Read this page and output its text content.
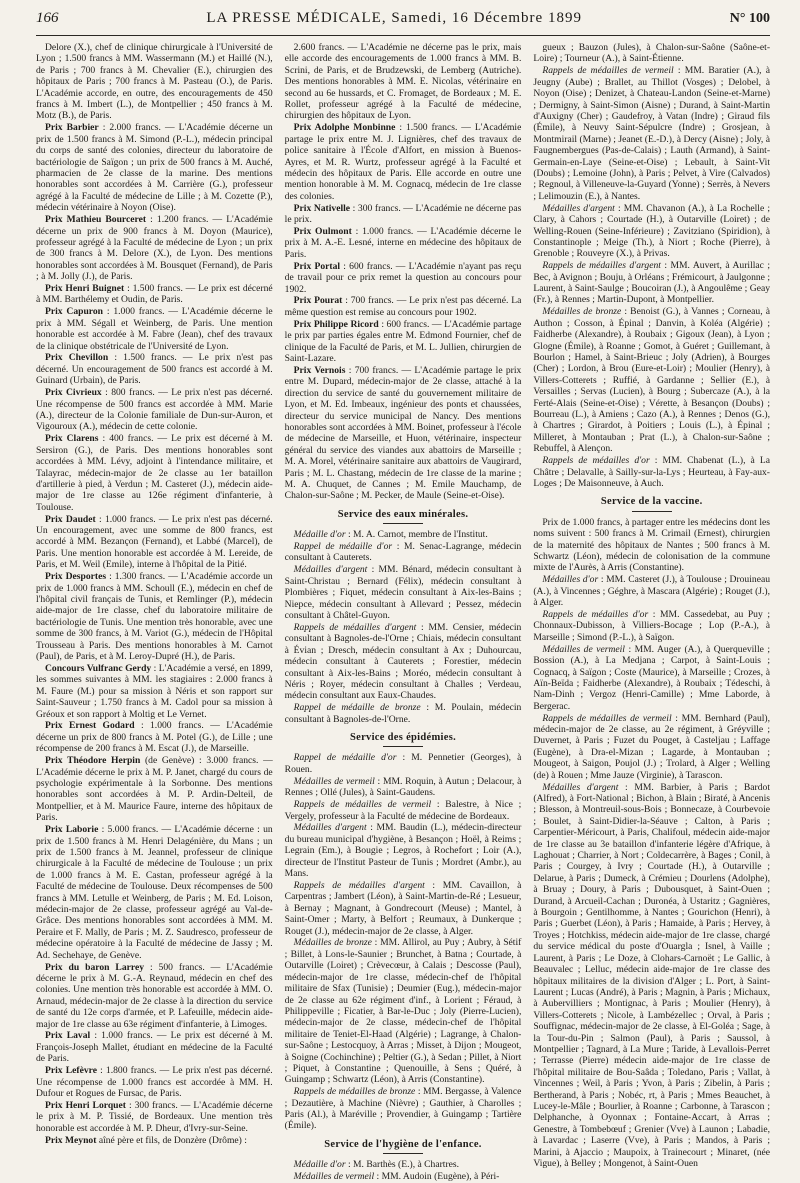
166	LA PRESSE MÉDICALE, Samedi, 16 Décembre 1899	N° 100

Delore (X.), chef de clinique chirurgicale à l'Université de Lyon ; 1.500 francs à MM. Wassermann (M.) et Haillé (N.), de Paris ; 700 francs à M. Chevalier (E.), chirurgien des hôpitaux de Paris ; 700 francs à M. Pasteau (O.), de Paris. L'Académie accorde, en outre, des encouragements de 450 francs à M. Imbert (L.), de Montpellier ; 450 francs à M. Motz (B.), de Paris.

Prix Barbier : 2.000 francs. — L'Académie décerne un prix de 1.500 francs à M. Simond (P.-L.), médecin principal du corps de santé des colonies, directeur du laboratoire de bactériologie de Saïgon ; un prix de 500 francs à M. Auché, pharmacien de 2e classe de la marine. Des mentions honorables sont accordées à M. Carrière (G.), professeur agrégé à la Faculté de médecine de Lille ; à M. Cozette (P.), médecin vétérinaire à Noyon (Oise).

Prix Mathieu Bourceret : 1.200 francs. — L'Académie décerne un prix de 900 francs à M. Doyon (Maurice), professeur agrégé à la Faculté de médecine de Lyon ; un prix de 300 francs à M. Delore (X.), de Lyon. Des mentions honorables sont accordées à M. Bousquet (Fernand), de Paris ; à M. Jolly (J.), de Paris.

Prix Henri Buignet : 1.500 francs. — Le prix est décerné à MM. Barthélemy et Oudin, de Paris.

Prix Capuron : 1.000 francs. — L'Académie décerne le prix à MM. Ségall et Weinberg, de Paris. Une mention honorable est accordée à M. Fabre (Jean), chef des travaux de la clinique obstétricale de l'Université de Lyon.

Prix Chevillon : 1.500 francs. — Le prix n'est pas décerné. Un encouragement de 500 francs est accordé à M. Guinard (Urbain), de Paris.

Prix Civrieux : 800 francs. — Le prix n'est pas décerné. Une récompense de 500 francs est accordée à MM. Marie (A.), directeur de la Colonie familiale de Dun-sur-Auron, et Vigouroux (A.), médecin de cette colonie.

Prix Clarens : 400 francs. — Le prix est décerné à M. Sersiron (G.), de Paris. Des mentions honorables sont accordées à MM. Lévy, adjoint à l'intendance militaire, et Talayrac, médecin-major de 2e classe au 1er bataillon d'artillerie à pied, à Verdun ; M. Casteret (J.), médecin aide-major de 1re classe au 126e régiment d'infanterie, à Toulouse.

Prix Daudet : 1.000 francs. — Le prix n'est pas décerné. Un encouragement, avec une somme de 800 francs, est accordé à MM. Bezançon (Fernand), et Labbé (Marcel), de Paris. Une mention honorable est accordée à M. Lereide, de Paris, et M. Weil (Emile), interne à l'hôpital de la Pitié.

Prix Desportes : 1.300 francs. — L'Académie accorde un prix de 1.000 francs à MM. Schoull (E.), médecin en chef de l'hôpital civil français de Tunis, et Remlinger (P.), médecin aide-major de 1re classe, chef du laboratoire militaire de bactériologie de Tunis. Une mention très honorable, avec une somme de 300 francs, à M. Variot (G.), médecin de l'Hôpital Trousseau à Paris. Des mentions honorables à M. Carnot (Paul), de Paris, et à M. Leroy-Dupré (H.), de Paris.

Concours Vulfranc Gerdy : L'Académie a versé, en 1899, les sommes suivantes à MM. les stagiaires : 2.000 francs à M. Faure (M.) pour sa mission à Néris et son rapport sur Saint-Sauveur ; 1.750 francs à M. Cadol pour sa mission à Gréoux et son rapport à Moltig et Le Vernet.

Prix Ernest Godard : 1.000 francs. — L'Académie décerne un prix de 800 francs à M. Potel (G.), de Lille ; une récompense de 200 francs à M. Escat (J.), de Marseille.

Prix Théodore Herpin (de Genève) : 3.000 francs. — L'Académie décerne le prix à M. P. Janet, chargé du cours de psychologie expérimentale à la Sorbonne. Des mentions honorables sont accordées à M. P. Ardin-Delteil, de Montpellier, et à M. Maurice Faure, interne des hôpitaux de Paris.

Prix Laborie : 5.000 francs. — L'Académie décerne : un prix de 1.500 francs à M. Henri Delagénière, du Mans ; un prix de 1.500 francs à M. Jeannel, professeur de clinique chirurgicale à la Faculté de médecine de Toulouse ; un prix de 1.000 francs à M. E. Castan, professeur agrégé à la Faculté de médecine de Toulouse. Deux récompenses de 500 francs à MM. Letulle et Weinberg, de Paris ; M. Ed. Loison, médecin-major de 2e classe, professeur agrégé au Val-de-Grâce. Des mentions honorables sont accordées à MM. M. Peraire et F. Mally, de Paris ; M. Z. Saudresco, professeur de médecine opératoire à la Faculté de médecine de Jassy ; M. Ad. Sechehaye, de Genève.

Prix du baron Larrey : 500 francs. — L'Académie décerne le prix à M. G.-A. Reynaud, médecin en chef des colonies. Une mention très honorable est accordée à MM. O. Arnaud, médecin-major de 2e classe à la direction du service de santé du 12e corps d'armée, et P. Lafeuille, médecin aide-major de 1re classe au 63e régiment d'infanterie, à Limoges.

Prix Laval : 1.000 francs. — Le prix est décerné à M. François-Joseph Mallet, étudiant en médecine de la Faculté de Paris.

Prix Lefèvre : 1.800 francs. — Le prix n'est pas décerné. Une récompense de 1.000 francs est accordée à MM. H. Dufour et Rogues de Fursac, de Paris.

Prix Henri Lorquet : 300 francs. — L'Académie décerne le prix à M. P. Tissié, de Bordeaux. Une mention très honorable est accordée à M. P. Dheur, d'Ivry-sur-Seine.

Prix Meynot aîné père et fils, de Donzère (Drôme) :

2.600 francs. — L'Académie ne décerne pas le prix, mais elle accorde des encouragements de 1.000 francs à MM. B. Scrini, de Paris, et de Brudzewski, de Lemberg (Autriche). Des mentions honorables à MM. E. Nicolas, vétérinaire en second au 6e hussards, et C. Fromaget, de Bordeaux ; M. E. Rollet, professeur agrégé à la Faculté de médecine, chirurgien des hôpitaux de Lyon.

Prix Adolphe Monbinne : 1.500 francs. — L'Académie partage le prix entre M. J. Lignières, chef des travaux de police sanitaire à l'École d'Alfort, en mission à Buenos-Ayres, et M. R. Wurtz, professeur agrégé à la Faculté et médecin des hôpitaux de Paris. Elle accorde en outre une mention honorable à M. M. Cognacq, médecin de 1re classe des colonies.

Prix Nativelle : 300 francs. — L'Académie ne décerne pas le prix.

Prix Oulmont : 1.000 francs. — L'Académie décerne le prix à M. A.-E. Lesné, interne en médecine des hôpitaux de Paris.

Prix Portal : 600 francs. — L'Académie n'ayant pas reçu de travail pour ce prix remet la question au concours pour 1902.

Prix Pourat : 700 francs. — Le prix n'est pas décerné. La même question est remise au concours pour 1902.

Prix Philippe Ricord : 600 francs. — L'Académie partage le prix par parties égales entre M. Edmond Fournier, chef de clinique de la Faculté de Paris, et M. L. Jullien, chirurgien de Saint-Lazare.

Prix Vernois : 700 francs. — L'Académie partage le prix entre M. Dupard, médecin-major de 2e classe, attaché à la direction du service de santé du gouvernement militaire de Lyon, et M. Ed. Imbeaux, ingénieur des ponts et chaussées, directeur du service municipal de Nancy. Des mentions honorables sont accordées à MM. Boinet, professeur à l'école de médecine de Marseille, et Huon, vétérinaire, inspecteur général du service des viandes aux abattoirs de Marseille ; M. A. Morel, vétérinaire sanitaire aux abattoirs de Vaugirard, Paris ; M. L. Chastang, médecin de 1re classe de la marine ; M. A. Chuquet, de Cannes ; M. Emile Mauchamp, de Chalon-sur-Saône ; M. Pecker, de Maule (Seine-et-Oise).

Service des eaux minérales.

Médaille d'or : M. A. Carnot, membre de l'Institut.

Rappel de médaille d'or : M. Senac-Lagrange, médecin consultant à Cauterets.

Médailles d'argent : MM. Bénard, médecin consultant à Saint-Christau ; Bernard (Félix), médecin consultant à Plombières ; Fiquet, médecin consultant à Aix-les-Bains ; Niepce, médecin consultant à Allevard ; Pessez, médecin consultant à Châtel-Guyon.

Rappels de médailles d'argent : MM. Censier, médecin consultant à Bagnoles-de-l'Orne ; Chiais, médecin consultant à Évian ; Dresch, médecin consultant à Ax ; Duhourcau, médecin consultant à Cauterets ; Forestier, médecin consultant à Aix-les-Bains ; Moréo, médecin consultant à Néris ; Royer, médecin consultant à Challes ; Verdeau, médecin consultant aux Eaux-Chaudes.

Rappel de médaille de bronze : M. Poulain, médecin consultant à Bagnoles-de-l'Orne.

Service des épidémies.

Rappel de médaille d'or : M. Pennetier (Georges), à Rouen.

Médailles de vermeil : MM. Roquin, à Autun ; Delacour, à Rennes ; Ollé (Jules), à Saint-Gaudens.

Rappels de médailles de vermeil : Balestre, à Nice ; Vergely, professeur à la Faculté de médecine de Bordeaux.

Médailles d'argent : MM. Baudin (L.), médecin-directeur du bureau municipal d'hygiène, à Besançon ; Hoël, à Reims ; Legrain (Em.), à Bougie ; Legros, à Rochefort ; Loir (A.), directeur de l'Institut Pasteur de Tunis ; Mordret (Ambr.), au Mans.

Rappels de médailles d'argent : MM. Cavaillon, à Carpentras ; Jambert (Léon), à Saint-Martin-de-Ré ; Lesueur, à Bernay ; Magnant, à Gondrecourt (Meuse) ; Mantel, à Saint-Omer ; Marty, à Belfort ; Reumaux, à Dunkerque ; Rouget (J.), médecin-major de 2e classe, à Alger.

Médailles de bronze : MM. Allirol, au Puy ; Aubry, à Sétif ; Billet, à Lons-le-Saunier ; Brunchet, à Batna ; Courtade, à Outarville (Loiret) ; Crèvecœur, à Calais ; Descosse (Paul), médecin-major de 1re classe, médecin-chef de l'hôpital militaire de Sfax (Tunisie) ; Deumier (Eug.), médecin-major de 2e classe au 62e régiment d'inf., à Lorient ; Féraud, à Philippeville ; Ficatier, à Bar-le-Duc ; Joly (Pierre-Lucien), médecin-major de 2e classe, médecin-chef de l'hôpital militaire de Teniet-El-Haad (Algérie) ; Lagrange, à Chalon-sur-Saône ; Lestocquoy, à Arras ; Misset, à Dijon ; Mougeot, à Soigne (Cochinchine) ; Peltier (G.), à Sedan ; Pillet, à Niort ; Piquet, à Constantine ; Quenouille, à Sens ; Quéré, à Guingamp ; Schwartz (Léon), à Arris (Constantine).

Rappels de médailles de bronze : MM. Bergasse, à Valence ; Dezautière, à Machine (Nièvre) ; Gauthier, à Charolles ; Paris (Al.), à Maréville ; Provendier, à Guingamp ; Tartière (Émile).

Service de l'hygiène de l'enfance.

Médaille d'or : M. Barthès (E.), à Chartres.

Médailles de vermeil : MM. Audoin (Eugène), à Péri-

gueux ; Bauzon (Jules), à Chalon-sur-Saône (Saône-et-Loire) ; Tourneur (A.), à Saint-Étienne.

Rappels de médailles de vermeil : MM. Baratier (A.), à Jeugny (Aube) ; Brallet, au Thillot (Vosges) ; Delobel, à Noyon (Oise) ; Denizet, à Chateau-Landon (Seine-et-Marne) ; Dermigny, à Saint-Simon (Aisne) ; Durand, à Saint-Martin d'Auxigny (Cher) ; Gaudefroy, à Vatan (Indre) ; Giraud fils (Émile), à Neuvy Saint-Sépulcre (Indre) ; Grosjean, à Montmirail (Marne) ; Jeanet (E.-D.), à Dercy (Aisne) ; Joly, à Faugnembergues (Pas-de-Calais) ; Lauth (Armand), à Saint-Germain-en-Laye (Seine-et-Oise) ; Lebault, à Saint-Vit (Doubs) ; Lemoine (John), à Paris ; Pelvet, à Vire (Calvados) ; Regnoul, à Villeneuve-la-Guyard (Yonne) ; Serrès, à Nevers ; Lelimouzin (E.), à Nantes.

Médailles d'argent : MM. Chavanon (A.), à La Rochelle ; Clary, à Cahors ; Courtade (H.), à Outarville (Loiret) ; de Welling-Rouen (Seine-Inférieure) ; Zavitziano (Spiridion), à Constantinople ; Meige (Th.), à Niort ; Roche (Pierre), à Grenoble ; Rouveyre (X.), à Privas.

Rappels de médailles d'argent : MM. Auvert, à Aurillac ; Bec, à Avignon ; Bouju, à Orléans ; Frémicourt, à Jaulgonne ; Laurent, à Saint-Saulge ; Boucoiran (J.), à Angoulême ; Geay (Fr.), à Rennes ; Martin-Dupont, à Montpellier.

Médailles de bronze : Benoist (G.), à Vannes ; Corneau, à Authon ; Cosson, à Épinal ; Danvin, à Koléa (Algérie) ; Faidherbe (Alexandre), à Roubaix ; Gigoux (Jean), à Lyon ; Glogne (Émile), à Roanne ; Gomot, à Guéret ; Guillemant, à Bourlon ; Hamel, à Saint-Brieuc ; Joly (Adrien), à Bourges (Cher) ; Lordon, à Brou (Eure-et-Loir) ; Moulier (Henry), à Villers-Cotterets ; Ruffié, à Gardanne ; Sellier (E.), à Versailles ; Servas (Lucien), à Bourg ; Subercaze (A.), à la Ferté-Alais (Seine-et-Oise) ; Vérette, à Besançon (Doubs) ; Bourreau (L.), à Amiens ; Cazo (A.), à Rennes ; Denos (G.), à Chartres ; Girardot, à Poitiers ; Louis (L.), à Épinal ; Milleret, à Montauban ; Prat (L.), à Chalon-sur-Saône ; Rebuffel, à Alençon.

Rappels de médailles d'or : MM. Chabenat (L.), à La Châtre ; Delavalle, à Sailly-sur-la-Lys ; Heurteau, à Fay-aux-Loges ; De Maisonneuve, à Auch.

Service de la vaccine.

Prix de 1.000 francs, à partager entre les médecins dont les noms suivent : 500 francs à M. Crimail (Ernest), chirurgien de la maternité des hôpitaux de Nantes ; 500 francs à M. Schwartz (Léon), médecin de colonisation de la commune mixte de l'Aurès, à Arris (Constantine).

Médailles d'or : MM. Casteret (J.), à Toulouse ; Drouineau (A.), à Vincennes ; Géghre, à Mascara (Algérie) ; Rouget (J.), à Alger.

Rappels de médailles d'or : MM. Cassedebat, au Puy ; Chonnaux-Dubisson, à Villiers-Bocage ; Lop (P.-A.), à Marseille ; Simond (P.-L.), à Saïgon.

Médailles de vermeil : MM. Auger (A.), à Querqueville ; Bossion (A.), à La Medjana ; Carpot, à Saint-Louis ; Cognacq, à Saïgon ; Coste (Maurice), à Marseille ; Crozes, à Aïn-Beïda ; Faidherbe (Alexandre), à Roubaix ; Tédeschi, à Nam-Dinh ; Vergoz (Henri-Camille) ; Mme Laborde, à Bergerac.

Rappels de médailles de vermeil : MM. Bernhard (Paul), médecin-major de 2e classe, au 2e régiment, à Gréyville ; Duvernet, à Paris ; Fuzet du Pouget, à Casteljau ; Laffage (Eugène), à Dra-el-Mizan ; Lagarde, à Montauban ; Mougeot, à Saigon, Poujol (J.) ; Trolard, à Alger ; Welling (de) à Rouen ; Mme Jauze (Virginie), à Tarascon.

Médailles d'argent : MM. Barbier, à Paris ; Bardot (Alfred), à Fort-National ; Bichon, à Blain ; Biraté, à Ancenis ; Blesson, à Montreuil-sous-Bois ; Bonnecaze, à Courbevoie ; Boulet, à Saint-Didier-la-Séauve ; Calton, à Paris ; Carpentier-Méricourt, à Paris, Chalifoul, médecin aide-major de 1re classe au 3e bataillon d'infanterie légère d'Afrique, à Laghouat ; Charrier, à Nort ; Coldecarrère, à Bages ; Conil, à Paris ; Courgey, à Ivry ; Courtade (H.), à Outarville ; Delarue, à Paris ; Dumeck, à Crémieu ; Dourlens (Adolphe), à Bruay ; Doury, à Paris ; Dubousquet, à Saint-Ouen ; Durand, à Arcueil-Cachan ; Duronéa, à Ustaritz ; Gagnières, à Bourgoin ; Gentilhomme, à Nantes ; Gourichon (Henri), à Paris ; Guerbet (Léon), à Paris ; Hamaide, à Paris ; Hervey, à Troyes ; Hotchkiss, médecin aide-major de 1re classe, chargé du service médical du poste d'Ouargla ; Isnel, à Vaille ; Laurent, à Paris ; Le Doze, à Clohars-Carnoët ; Le Gallic, à Beauvalec ; Lelluc, médecin aide-major de 1re classe des hôpitaux militaires de la division d'Alger ; L. Port, à Saint-Laurent ; Lucas (André), à Paris ; Magnin, à Paris ; Michaux, à Aubervilliers ; Montignac, à Paris ; Moulier (Henry), à Villers-Cotterets ; Nicole, à Lambézellec ; Orval, à Paris ; Souffignac, médecin-major de 2e classe, à El-Goléa ; Sage, à la Tour-du-Pin ; Salmon (Paul), à Paris ; Saussol, à Montpellier ; Tagnard, à La Mure ; Taride, à Levallois-Perret ; Terrasse (Pierre) médecin aide-major de 1re classe de l'hôpital militaire de Bou-Saâda ; Toledano, Paris ; Vallat, à Vincennes ; Weil, à Paris ; Yvon, à Paris ; Zibelin, à Paris ; Bertherand, à Paris ; Nobéc, rt, à Paris ; Mmes Beauchet, à Lucey-le-Mâle ; Bourlier, à Roanne ; Carbonne, à Tarascon ; Delphanche, à Oyonnax ; Fontaine-Accart, à Arras ; Genestre, à Tombebœuf ; Grenier (Vve) à Launon ; Labadie, à Lavardac ; Laserre (Vve), à Paris ; Mandos, à Paris ; Marini, à Ajaccio ; Maupoix, à Trainecourt ; Minaret, (née Vigue), à Belley ; Mongenot, à Saint-Ouen
